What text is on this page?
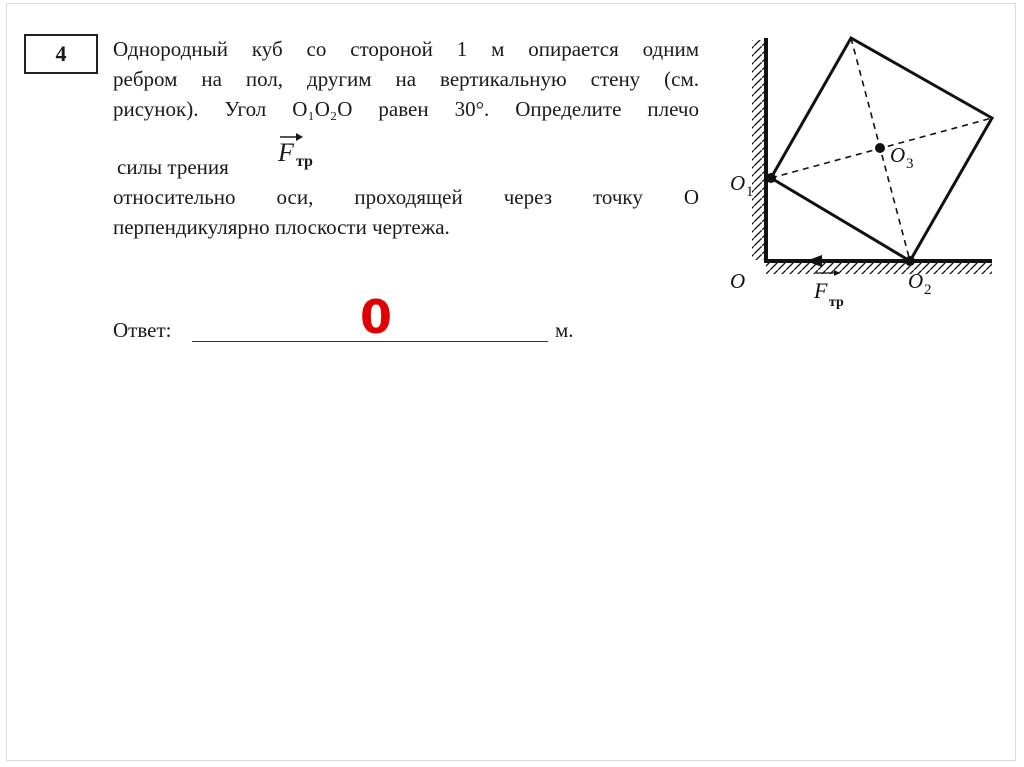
4 Однородный куб со стороной 1 м опирается одним
ребром на пол, другим на вертикальную стену (см.
рисунок). Угол O₁O₂O равен 30°. Определите плечо
силы трения F тр
относительно оси, проходящей через точку O
перпендикулярно плоскости чертежа.
Ответ:	м.
0
O 1
O 3
O	O 2
F тр
